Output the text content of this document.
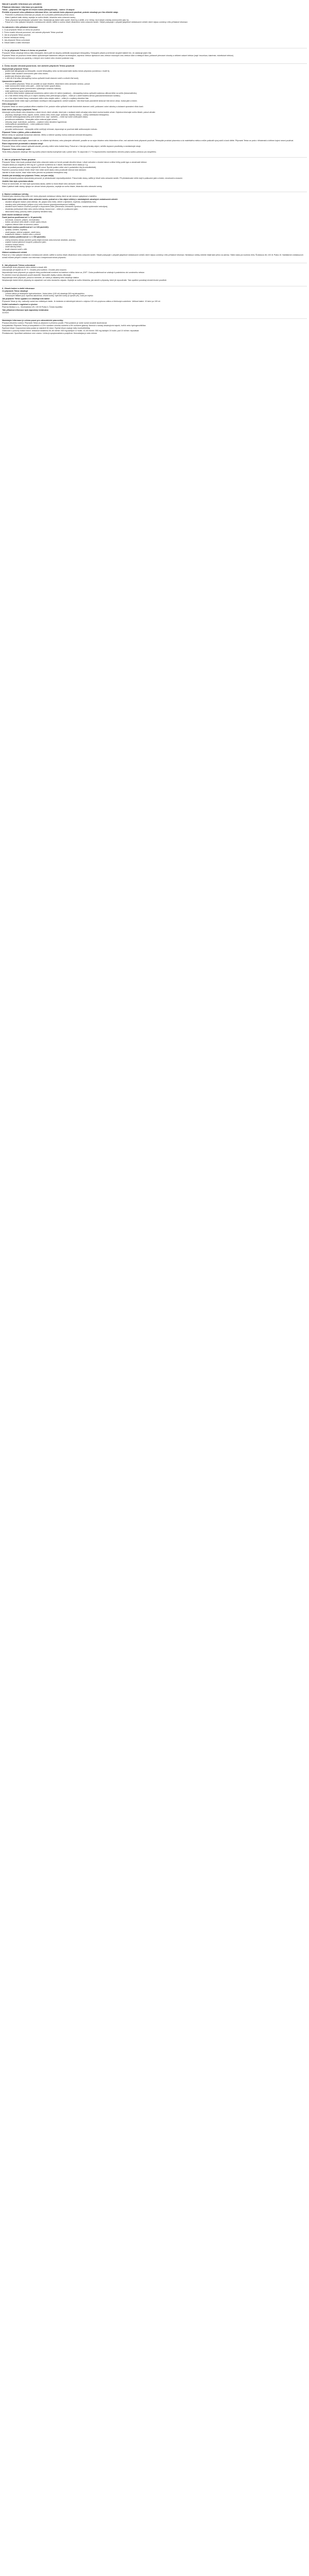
Návod k použití: Informace pro uživatele
Příbalová informace: informace pro pacienta
Tetrax – přípravek 500 mg/100 ml infuzní roztok (tetracyklinum) – balení: 10 ampulí
Přečtěte si pozorně celou příbalovou informaci dříve, než začnete tento přípravek používat, protože obsahuje pro Vás důležité údaje.
- Ponechte si příbalovou informaci pro případ, že si ji budete potřebovat přečíst znovu.
- Máte-li jakékoli další otázky, zeptejte se svého lékaře, lékárníka nebo zdravotní sestry.
- Tento přípravek byl předepsán výhradně Vám. Nedávejte jej žádné další osobě. Mohl by jí ublížit, a to i tehdy, má-li stejné známky onemocnění jako Vy.
- Pokud se u Vás vyskytne kterýkoli z nežádoucích účinků, sdělte to svému lékaři, lékárníkovi nebo zdravotní sestře. Stejně postupujte v případě jakýchkoli nežádoucích účinků, které nejsou uvedeny v této příbalové informaci.
Co naleznete v této příbalové informaci
1. Co je přípravek Tetrax a k čemu se používá
2. Čemu musíte věnovat pozornost, než začnete přípravek Tetrax používat
3. Jak se přípravek Tetrax používá
4. Možné nežádoucí účinky
5. Jak přípravek Tetrax uchovávat
6. Obsah balení a další informace
1. Co je přípravek Tetrax a k čemu se používá
Přípravek Tetrax obsahuje léčivou látku tetracyklin, která patří do skupiny antibiotik nazývaných tetracykliny. Tetracyklin působí proti široké skupině bakterií tím, že zastavuje jejich růst.
Přípravek Tetrax se používá k léčbě infekcí způsobených bakteriemi citlivými na tetracyklin, zejména: infekce dýchacích cest, infekce močových cest, infekce kůže a měkkých tkání, pohlavně přenosné choroby a některé vzácné infekce (např. brucelóza, tularémie, rickettsiové infekce).
Infuzní forma je určena pro pacienty, u kterých není možné nebo vhodné podávání ústy.
2. Čemu musíte věnovat pozornost, než začnete přípravek Tetrax používat
Nepoužívejte přípravek Tetrax
- jestliže jste alergický(á) na tetracyklin, na jiné tetracykliny nebo na kteroukoli další složku tohoto přípravku (uvedenou v bodě 6);
- jestliže máte závažné onemocnění jater nebo ledvin;
- jestliže jste těhotná nebo kojíte;
- u dětí do 8 let věku (tetracykliny mohou způsobit trvalé zbarvení zubů a ovlivnit růst kostí).
Upozornění a opatření
- Před použitím přípravku Tetrax se poraďte se svým lékařem, lékárníkem nebo zdravotní sestrou, pokud:
- máte onemocnění ledvin nebo jater – může být nutné upravit dávku;
- máte myasthenia gravis (onemocnění způsobující svalovou slabost);
- máte systémový lupus erythematodes;
- se během léčby budete vystavovat slunečnímu záření nebo UV záření (solárium) – tetracykliny mohou způsobit zvýšenou citlivost kůže na světlo (fotosenzitivitu);
- se u Vás během léčby nebo po ní objeví závažný nebo přetrvávající průjem – může jít o zánět tlustého střeva (pseudomembranózní kolitidu);
- se u Vás objeví bolest hlavy, rozmazané vidění nebo dvojité vidění – může jít o zvýšený nitrolební tlak.
Při dlouhodobé léčbě může dojít k přerůstání necitlivých mikroorganismů, včetně kvasinek. Váš lékař bude pravidelně sledovat Váš krevní obraz, funkci jater a ledvin.
Děti a dospívající
Přípravek Tetrax se nesmí podávat dětem mladším 8 let, protože může způsobit trvalé žlutohnědé zbarvení zubů, poškození zubní skloviny a dočasné zpomalení růstu kostí.
Další léčivé přípravky a přípravek Tetrax
Informujte svého lékaře nebo lékárníka o všech lécích, které užíváte, které jste v nedávné době užíval(a) nebo které možná budete užívat. Zejména informujte svého lékaře, pokud užíváte:
- přípravky obsahující hliník, vápník, hořčík, železo nebo zinek (např. antacida, doplňky stravy) – snižují vstřebávání tetracyklinu;
- perorální antikoagulancia (léky proti srážení krve, např. warfarin) – může být nutné snížit jejich dávku;
- penicilinová antibiotika – tetracyklin může snižovat jejich účinek;
- retinoidy (např. isotretinoin, acitretin) – zvýšené riziko nitrolební hypertenze;
- methoxyfluran (anestetikum) – riziko poškození ledvin;
- diuretika (močopudné léky);
- perorální antikoncepci – tetracyklin může snížit její účinnost, doporučuje se používat další antikoncepční metodu.
Přípravek Tetrax s jídlem, pitím a alkoholem
Během léčby se vyhýbejte konzumaci alkoholu. Mléko a mléčné výrobky mohou snižovat účinnost tetracyklinu.
Těhotenství, kojení a plodnost
Pokud jste těhotná nebo kojíte, domníváte se, že můžete být těhotná, nebo plánujete otěhotnět, poraďte se se svým lékařem nebo lékárníkem dříve, než začnete tento přípravek používat. Tetracyklin prochází placentou a do mateřského mléka a může poškodit vývoj zubů a kostí dítěte. Přípravek Tetrax se proto v těhotenství a během kojení nesmí používat.
Řízení dopravních prostředků a obsluha strojů
Přípravek Tetrax může vzácně způsobit závratě, poruchy vidění nebo bolest hlavy. Pokud se u Vás tyto příznaky objeví, neřiďte dopravní prostředky a neobsluhujte stroje.
Přípravek Tetrax obsahuje sodík
Tento léčivý přípravek obsahuje 354 mg sodíku (hlavní složka kuchyňské soli) v jedné lahvi. To odpovídá 17,7 % doporučeného maximálního denního příjmu sodíku potravou pro dospělého.
3. Jak se přípravek Tetrax používá
Přípravek Tetrax Vám bude podávat lékař nebo zdravotní sestra ve formě pomalé nitrožilní infuze. Lékař rozhodne o vhodné dávce a délce léčby podle typu a závažnosti infekce.
Obvyklá dávka pro dospělé je 500 mg až 1 g denně rozdělená do 2 dávek. Maximální denní dávka je 2 g.
Infuze se podává pomalu, po dobu nejméně 60 minut. Rychlé podání může vést k podráždění žíly (tromboflebitidě).
Pacienti s poruchou funkce ledvin: lékař Vám může snížit dávku nebo prodloužit interval mezi dávkami.
Jakmile to bude možné, lékař může léčbu převést na podávání tetracyklinu ústy.
Jestliže jste dostal(a) více přípravku Tetrax, než jste měl(a)
Protože přípravek podává zdravotnický personál, je předávkování nepravděpodobné. Pokud máte obavy, sdělte je lékaři nebo zdravotní sestře. Při předávkování může dojít k poškození jater a ledvin, nevolnosti a zvracení.
Jestliže Vám byla vynechána dávka
Pokud se domníváte, že Vám byla vynechána dávka, sdělte to ihned lékaři nebo zdravotní sestře.
Máte-li jakékoli další otázky, týkající se užívání tohoto přípravku, zeptejte se svého lékaře, lékárníka nebo zdravotní sestry.
4. Možné nežádoucí účinky
Podobně jako všechny léky může mít i tento přípravek nežádoucí účinky, které se ale nemusí vyskytnout u každého.
Ihned informujte svého lékaře nebo zdravotní sestru, pokud se u Vás objeví některý z následujících závažných nežádoucích účinků:
- závažné alergické reakce (otok obličeje, rtů, jazyka nebo hrdla, obtíže s dýcháním, kopřivka, anafylaktický šok);
- závažný nebo přetrvávající průjem s krví nebo hlenem (pseudomembranózní kolitida);
- závažné kožní reakce s tvorbou puchýřů a olupováním kůže (Stevensův-Johnsonův syndrom, toxická epidermální nekrolýza);
- žloutenka (zežloutnutí kůže nebo očního bělma), tmavá moč – může jít o poškození jater;
- silná bolest hlavy, poruchy vidění (zvýšený nitrolební tlak).
Další možné nežádoucí účinky:
Časté (mohou postihnout až 1 z 10 pacientů):
- nevolnost, zvracení, průjem, nechutenství;
- bolest, zarudnutí nebo zánět v místě vpichu infuze;
- zvýšená citlivost kůže na sluneční záření.
Méně časté (mohou postihnout až 1 ze 100 pacientů):
- vyrážka, svědění, kopřivka;
- zánět jazyka, obtížné polykání, zánět jícnu;
- kvasinkové infekce v ústech nebo v pochvě.
Vzácné (mohou postihnout až 1 z 1 000 pacientů):
- změny krevního obrazu (snížení počtu bílých krvinek nebo krevních destiček, anémie);
- zvýšení hodnot jaterních enzymů, poškození jater;
- zhoršení funkce ledvin;
- zánět slinivky břišní;
- trvalé zbarvení zubů u dětí.
Hlášení nežádoucích účinků
Pokud se u Vás vyskytne kterýkoli z nežádoucích účinků, sdělte to svému lékaři, lékárníkovi nebo zdravotní sestře. Stejně postupujte v případě jakýchkoli nežádoucích účinků, které nejsou uvedeny v této příbalové informaci. Nežádoucí účinky můžete hlásit také přímo na adresu: Státní ústav pro kontrolu léčiv, Šrobárova 48, 100 41 Praha 10. Nahlášením nežádoucích účinků můžete přispět k získání více informací o bezpečnosti tohoto přípravku.
5. Jak přípravek Tetrax uchovávat
Uchovávejte tento přípravek mimo dohled a dosah dětí.
Uchovávejte při teplotě do 25 °C. Chraňte před světlem. Chraňte před mrazem.
Nepoužívejte tento přípravek po uplynutí doby použitelnosti uvedené na krabičce a štítku lahve za „EXP“. Doba použitelnosti se vztahuje k poslednímu dni uvedeného měsíce.
Po otevření musí být přípravek použit okamžitě. Nepoužité zbytky roztoku zlikvidujte.
Nepoužívejte tento přípravek, pokud si všimnete, že roztok je zakalený nebo obsahuje částice.
Nevyhazujte žádné léčivé přípravky do odpadních vod nebo domácího odpadu. Zeptejte se svého lékárníka, jak naložit s přípravky, které již nepoužíváte. Tato opatření pomáhají chránit životní prostředí.
6. Obsah balení a další informace
Co přípravek Tetrax obsahuje
- Léčivou látkou je tetracyclini hydrochloridum. Jedna lahev (100 ml) obsahuje 500 mg tetracyklinu.
- Pomocnými látkami jsou: kyselina askorbová, chlorid sodný, hydroxid sodný (k úpravě pH), voda pro injekci.
Jak přípravek Tetrax vypadá a co obsahuje toto balení
Přípravek Tetrax je čirý, nažloutlý roztok bez viditelných částic. Je dodáván ve skleněných lahvích o objemu 100 ml s pryžovou zátkou a hliníkovým uzávěrem. Velikost balení: 10 lahví po 100 ml.
Držitel rozhodnutí o registraci a výrobce
Pharma Medica s.r.o., Vinohradská 125, 130 00 Praha 3, Česká republika
Tato příbalová informace byla naposledy revidována:
11/2023
Následující informace je určena pouze pro zdravotnické pracovníky:
Příprava infuzního roztoku: Přípravek Tetrax je připraven k přímému použití. Před podáním je nutné roztok vizuálně zkontrolovat.
Kompatibilita: Přípravek Tetrax je kompatibilní s 0,9% roztokem chloridu sodného a 5% roztokem glukózy. Nemísit s roztoky obsahujícími vápník, hořčík nebo hydrogenuhličitan.
Rychlost infuze: Doporučená doba podání je nejméně 60 minut. Rychlá infuze zvyšuje riziko tromboflebitidy.
Dávkování u poruchy funkce ledvin: clearance kreatininu 50–80 ml/min: 500 mg každých 12 hodin; 10–50 ml/min: 500 mg každých 24 hodin; pod 10 ml/min: nepodávat.
Předávkování: Specifické antidotum není známo. Léčba je symptomatická a podpůrná. Hemodialýza je málo účinná.
